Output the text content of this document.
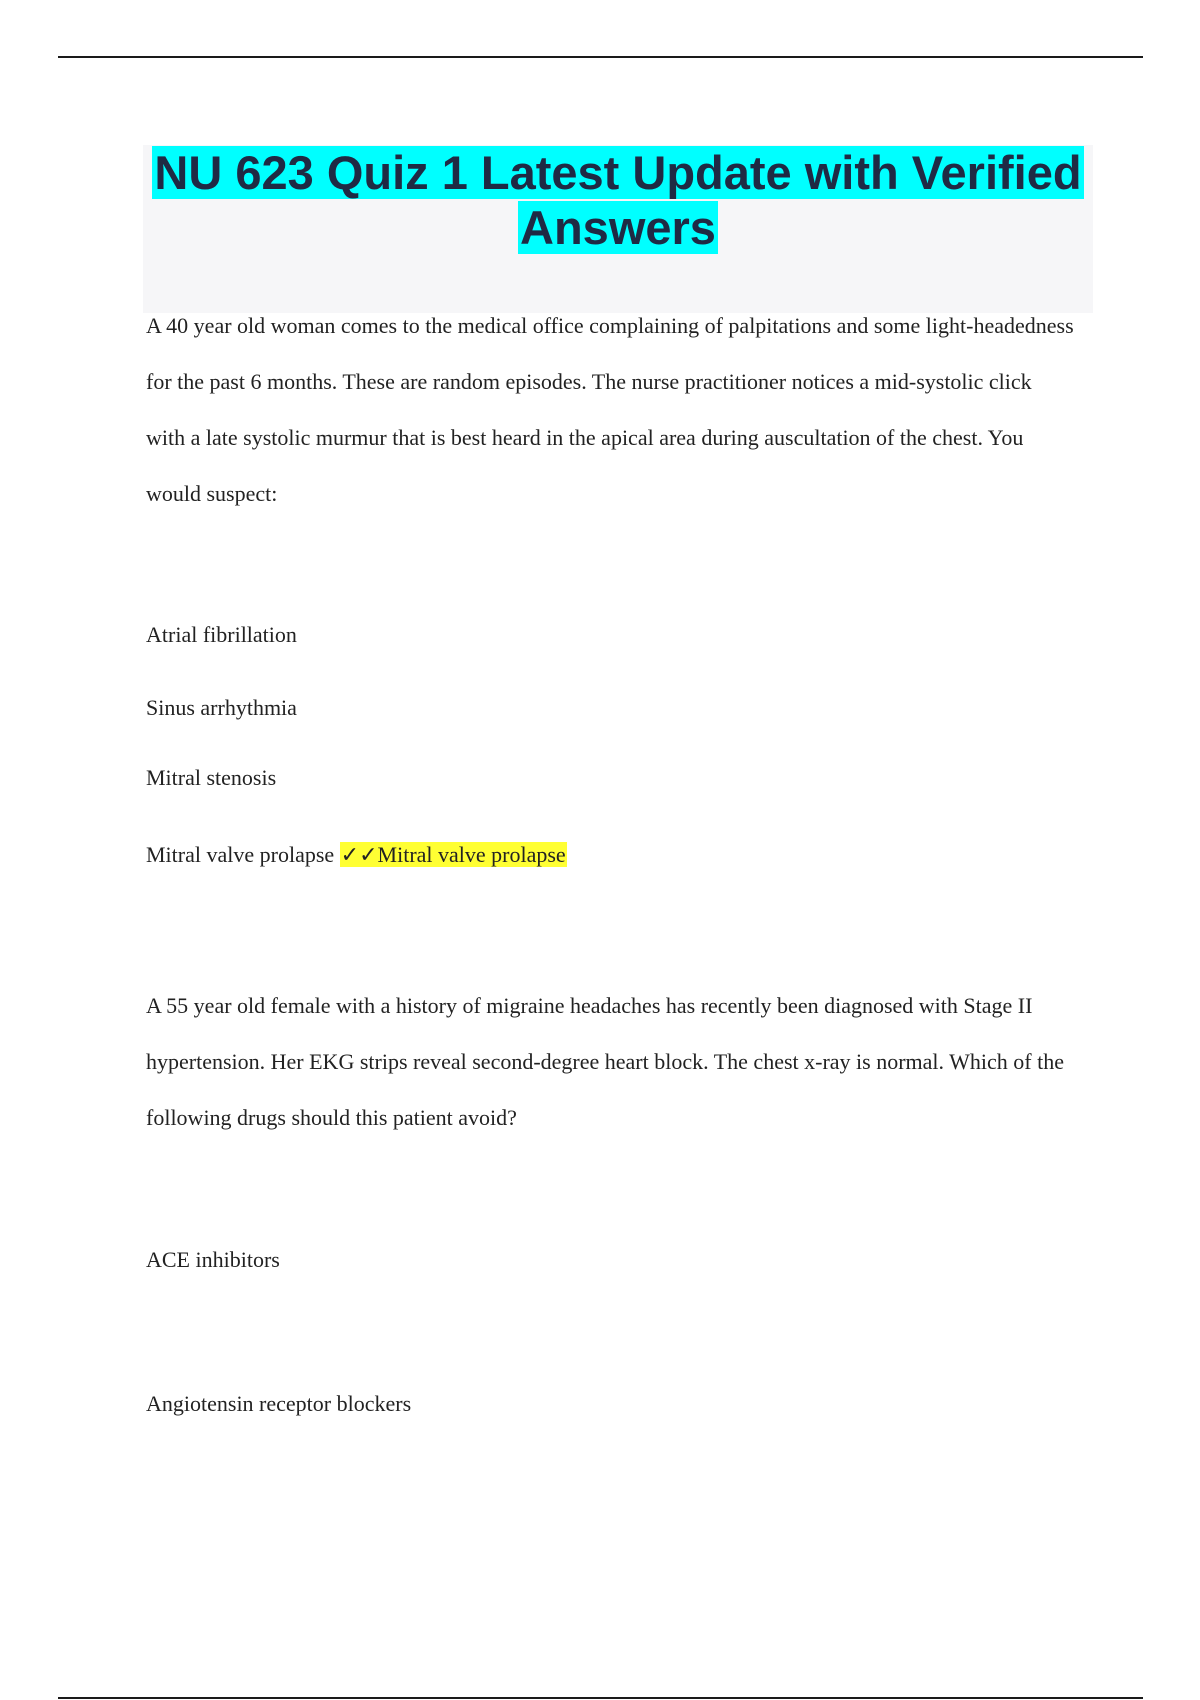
NU 623 Quiz 1 Latest Update with Verified Answers

A 40 year old woman comes to the medical office complaining of palpitations and some light-headedness for the past 6 months. These are random episodes. The nurse practitioner notices a mid-systolic click with a late systolic murmur that is best heard in the apical area during auscultation of the chest. You would suspect:

Atrial fibrillation

Sinus arrhythmia

Mitral stenosis

Mitral valve prolapse ✓✓Mitral valve prolapse

A 55 year old female with a history of migraine headaches has recently been diagnosed with Stage II hypertension. Her EKG strips reveal second-degree heart block. The chest x-ray is normal. Which of the following drugs should this patient avoid?

ACE inhibitors

Angiotensin receptor blockers
